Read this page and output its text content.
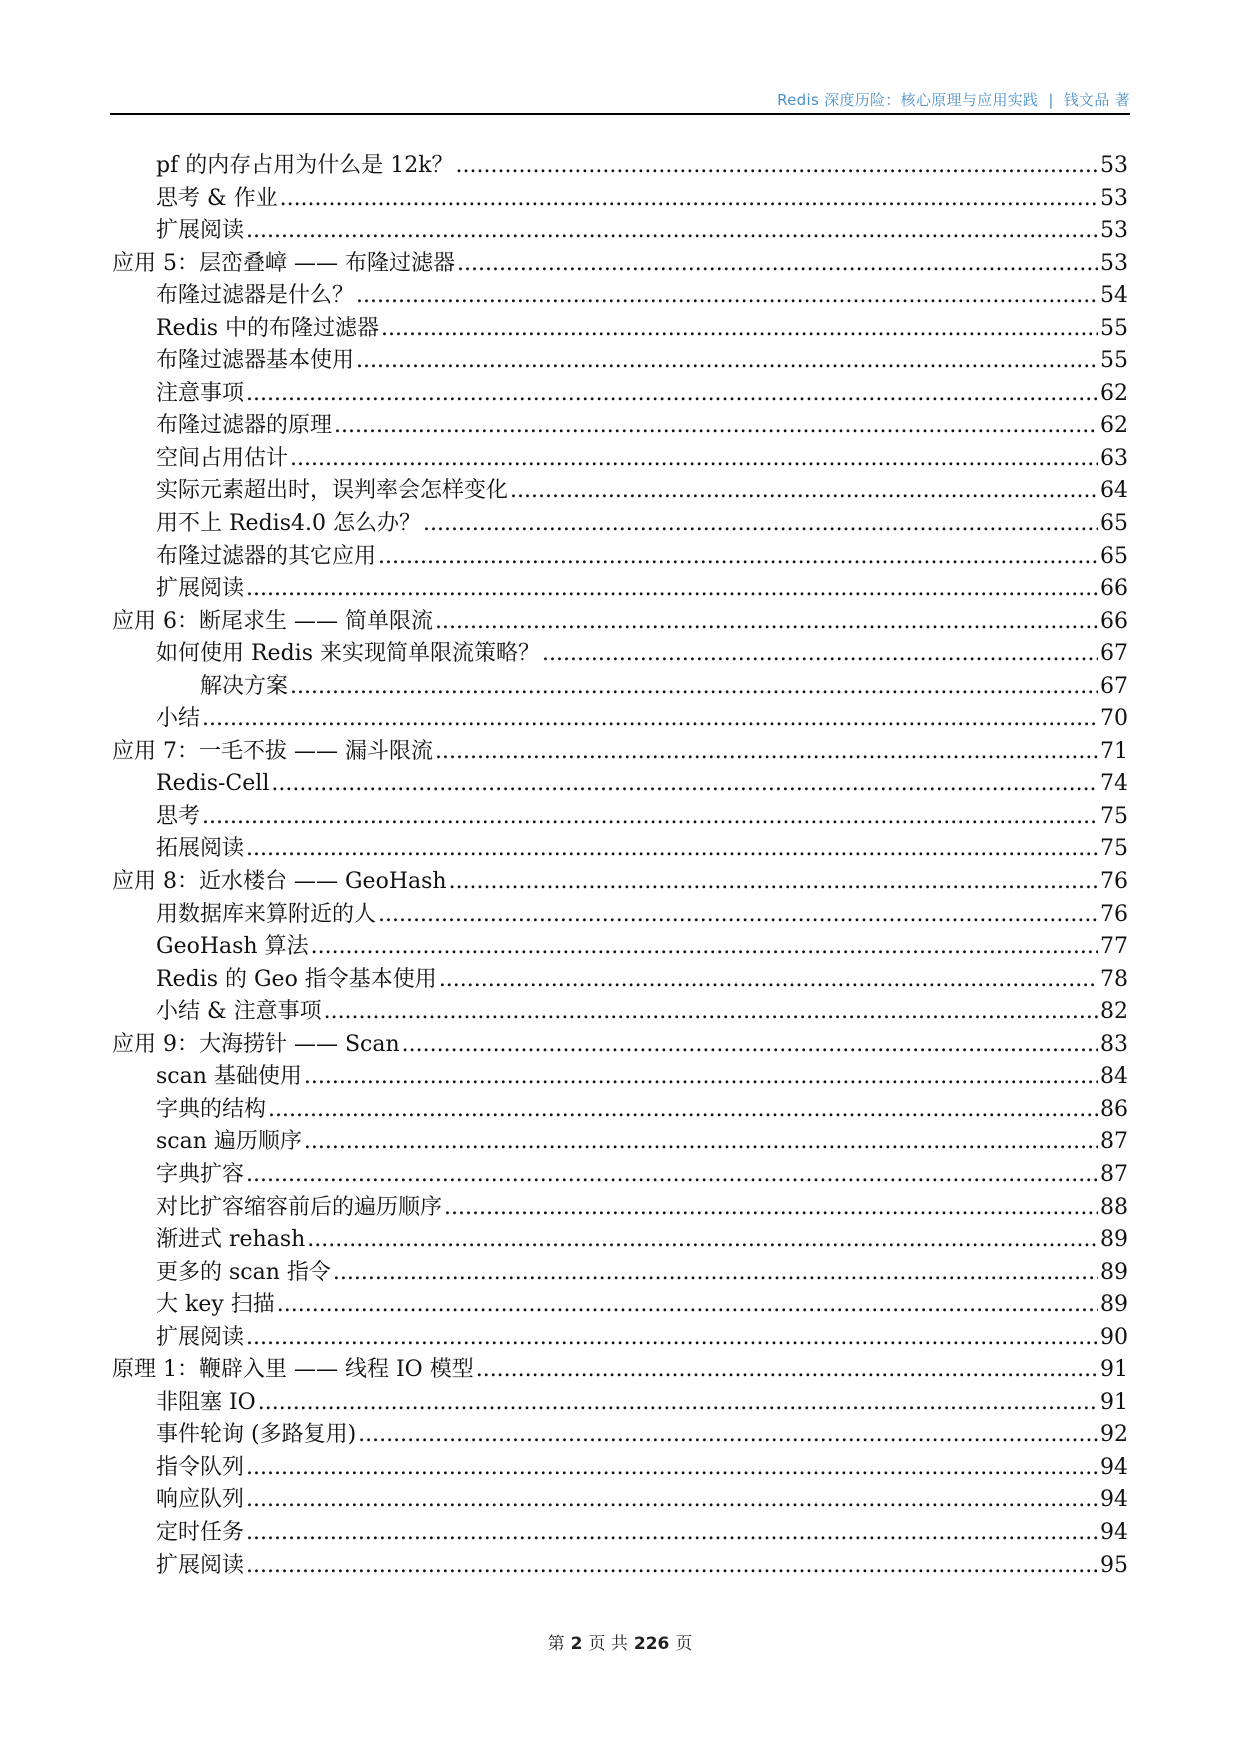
Redis 深度历险：核心原理与应用实践 | 钱文品 著
pf 的内存占用为什么是 12k？ .....	53
思考 & 作业 .....	53
扩展阅读 .....	53
应用 5：层峦叠嶂 —— 布隆过滤器 .....	53
布隆过滤器是什么？ .....	54
Redis 中的布隆过滤器 .....	55
布隆过滤器基本使用 .....	55
注意事项 .....	62
布隆过滤器的原理 .....	62
空间占用估计 .....	63
实际元素超出时，误判率会怎样变化 .....	64
用不上 Redis4.0 怎么办？ .....	65
布隆过滤器的其它应用 .....	65
扩展阅读 .....	66
应用 6：断尾求生 —— 简单限流 .....	66
如何使用 Redis 来实现简单限流策略？ .....	67
解决方案 .....	67
小结 .....	70
应用 7：一毛不拔 —— 漏斗限流 .....	71
Redis-Cell .....	74
思考 .....	75
拓展阅读 .....	75
应用 8：近水楼台 —— GeoHash .....	76
用数据库来算附近的人 .....	76
GeoHash 算法 .....	77
Redis 的 Geo 指令基本使用 .....	78
小结 & 注意事项 .....	82
应用 9：大海捞针 —— Scan .....	83
scan 基础使用 .....	84
字典的结构 .....	86
scan 遍历顺序 .....	87
字典扩容 .....	87
对比扩容缩容前后的遍历顺序 .....	88
渐进式 rehash .....	89
更多的 scan 指令 .....	89
大 key 扫描 .....	89
扩展阅读 .....	90
原理 1：鞭辟入里 —— 线程 IO 模型 .....	91
非阻塞 IO .....	91
事件轮询 (多路复用) .....	92
指令队列 .....	94
响应队列 .....	94
定时任务 .....	94
扩展阅读 .....	95
第 2 页 共 226 页
